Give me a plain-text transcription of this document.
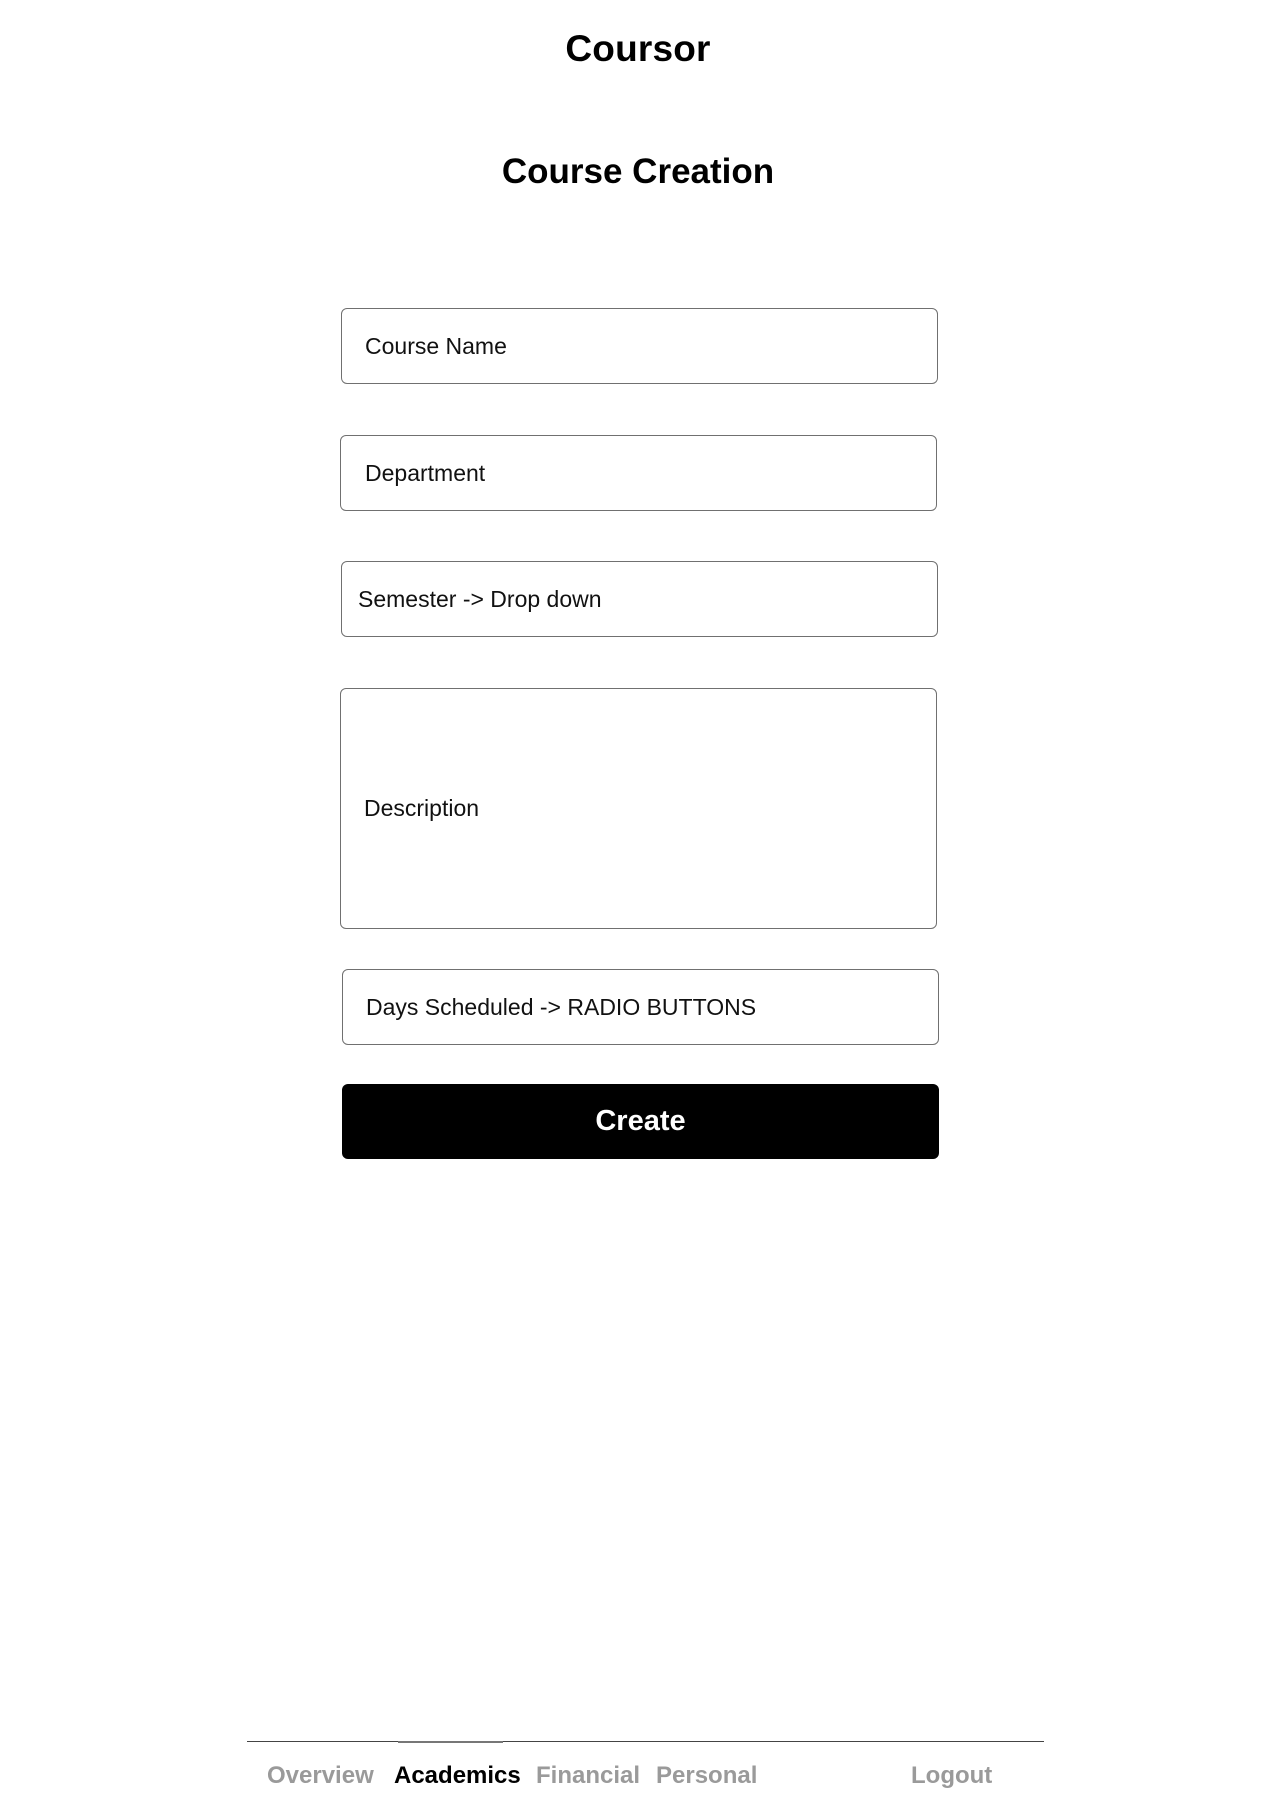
Coursor
Course Creation
Course Name
Department
Semester -> Drop down
Description
Days Scheduled -> RADIO BUTTONS
Create
Overview Academics Financial Personal	Logout
